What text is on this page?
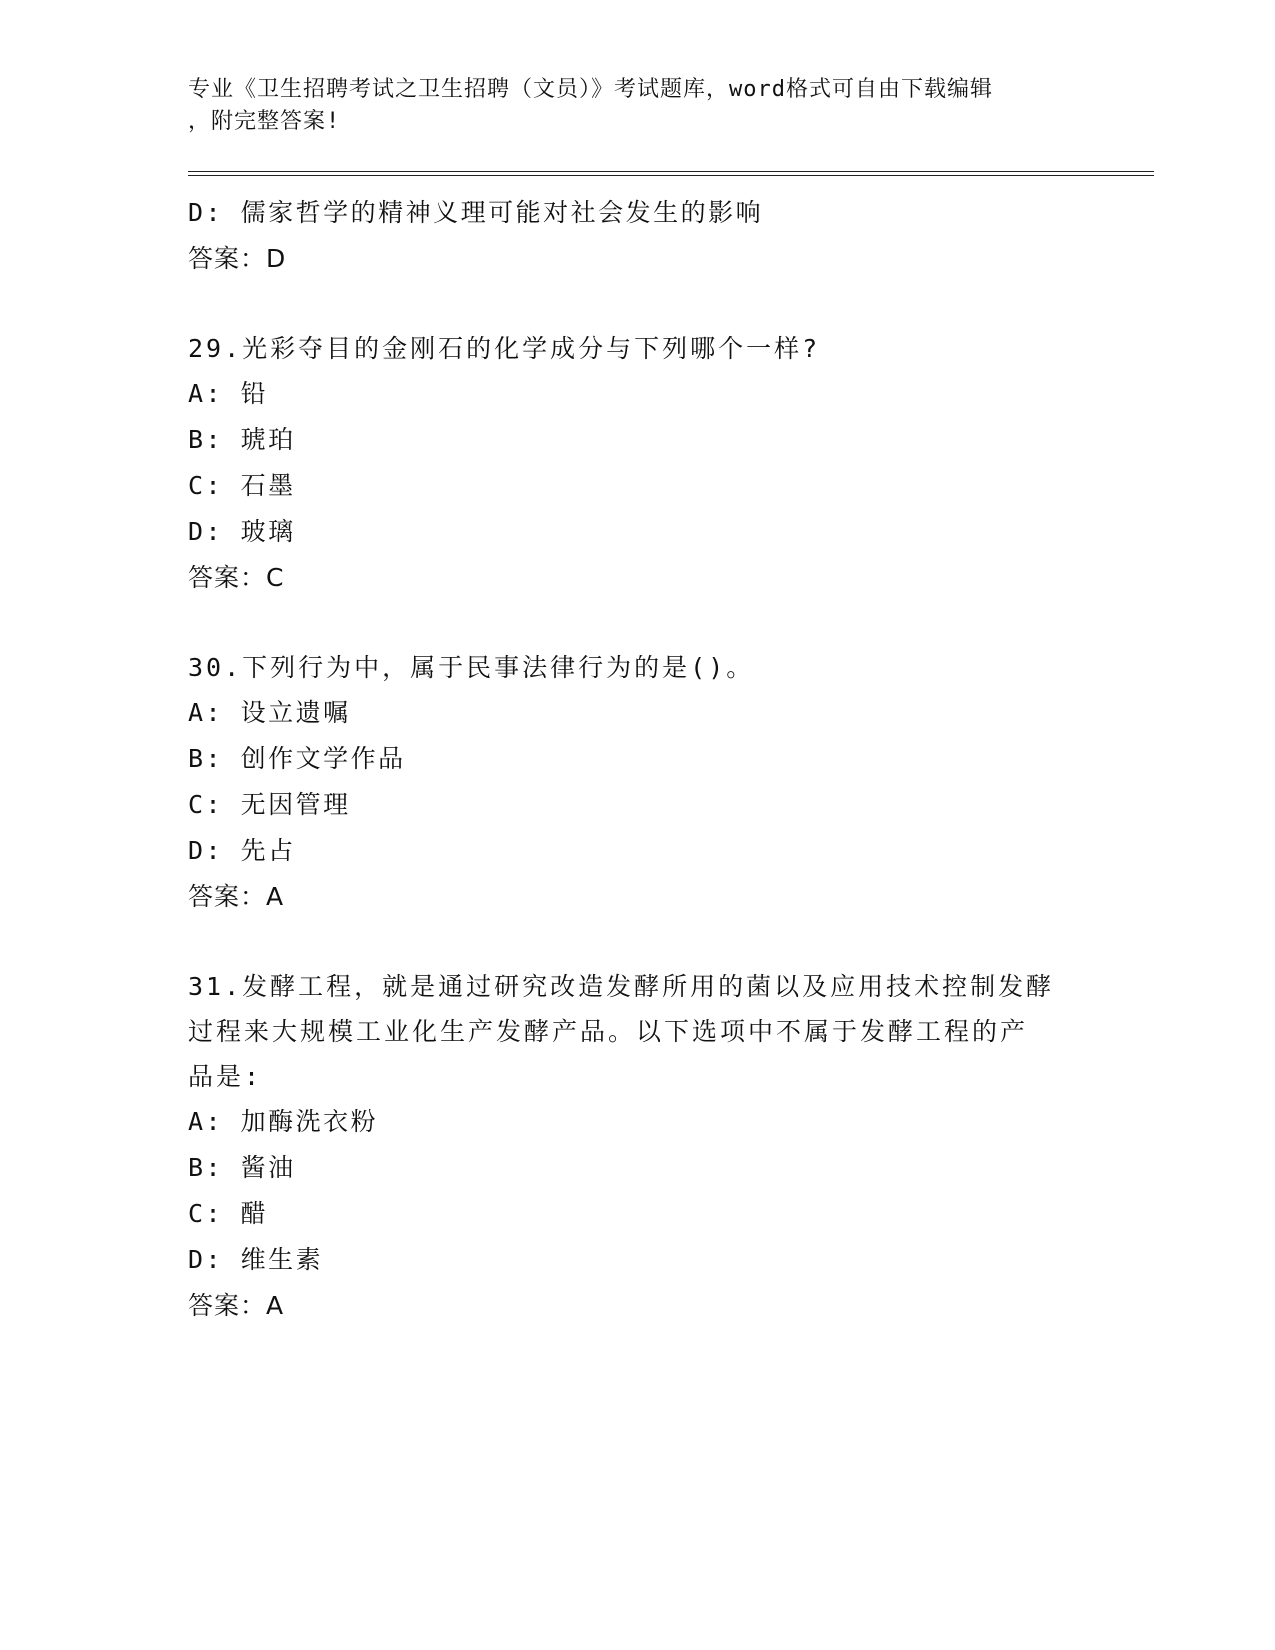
专业《卫生招聘考试之卫生招聘（文员）》考试题库，word格式可自由下载编辑
，附完整答案!
D: 儒家哲学的精神义理可能对社会发生的影响
答案：D
29.光彩夺目的金刚石的化学成分与下列哪个一样?
A: 铅
B: 琥珀
C: 石墨
D: 玻璃
答案：C
30.下列行为中，属于民事法律行为的是()。
A: 设立遗嘱
B: 创作文学作品
C: 无因管理
D: 先占
答案：A
31.发酵工程，就是通过研究改造发酵所用的菌以及应用技术控制发酵
过程来大规模工业化生产发酵产品。以下选项中不属于发酵工程的产
品是:
A: 加酶洗衣粉
B: 酱油
C: 醋
D: 维生素
答案：A
